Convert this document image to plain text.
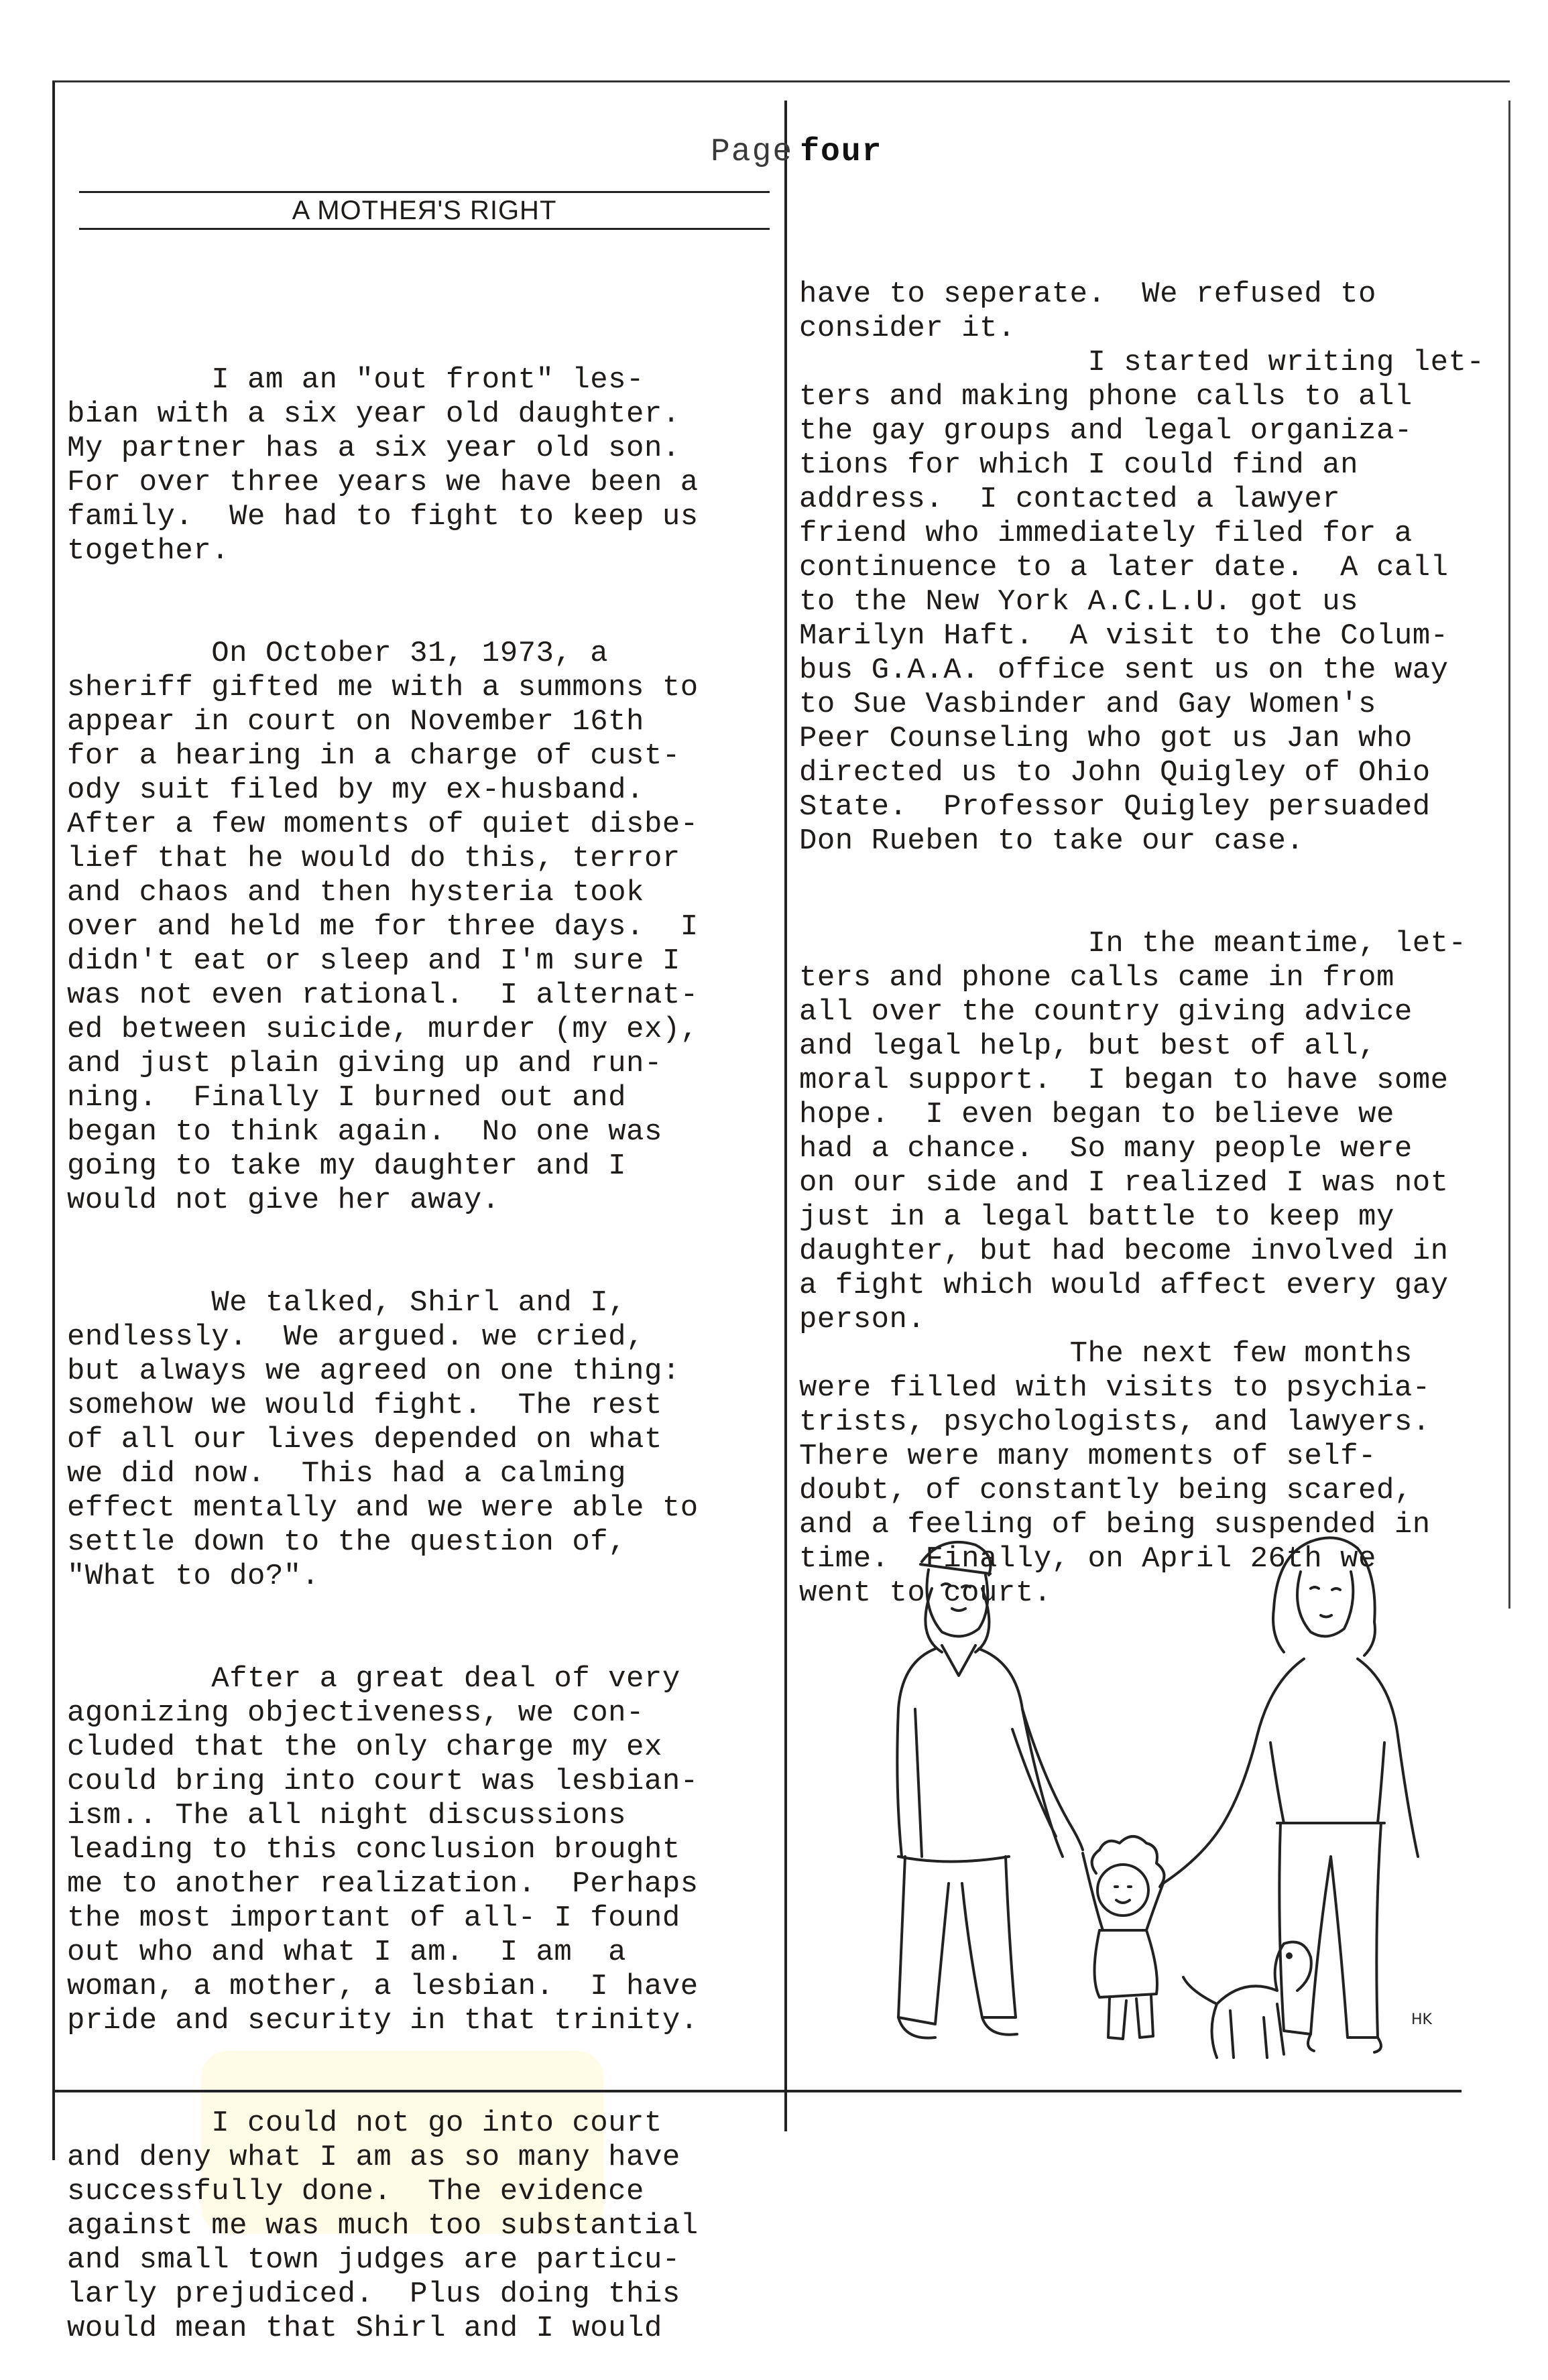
Page four
A MOTHEЯ'S RIGHT

I am an "out front" les-
bian with a six year old daughter.
My partner has a six year old son.
For over three years we have been a
family.  We had to fight to keep us
together.

On October 31, 1973, a
sheriff gifted me with a summons to
appear in court on November 16th
for a hearing in a charge of cust-
ody suit filed by my ex-husband.
After a few moments of quiet disbe-
lief that he would do this, terror
and chaos and then hysteria took
over and held me for three days.  I
didn't eat or sleep and I'm sure I
was not even rational.  I alternat-
ed between suicide, murder (my ex),
and just plain giving up and run-
ning.  Finally I burned out and
began to think again.  No one was
going to take my daughter and I
would not give her away.

We talked, Shirl and I,
endlessly.  We argued. we cried,
but always we agreed on one thing:
somehow we would fight.  The rest
of all our lives depended on what
we did now.  This had a calming
effect mentally and we were able to
settle down to the question of,
"What to do?".

After a great deal of very
agonizing objectiveness, we con-
cluded that the only charge my ex
could bring into court was lesbian-
ism.. The all night discussions
leading to this conclusion brought
me to another realization.  Perhaps
the most important of all- I found
out who and what I am.  I am  a
woman, a mother, a lesbian.  I have
pride and security in that trinity.

I could not go into court
and deny what I am as so many have
successfully done.  The evidence
against me was much too substantial
and small town judges are particu-
larly prejudiced.  Plus doing this
would mean that Shirl and I would

have to seperate.  We refused to
consider it.
I started writing let-
ters and making phone calls to all
the gay groups and legal organiza-
tions for which I could find an
address.  I contacted a lawyer
friend who immediately filed for a
continuence to a later date.  A call
to the New York A.C.L.U. got us
Marilyn Haft.  A visit to the Colum-
bus G.A.A. office sent us on the way
to Sue Vasbinder and Gay Women's
Peer Counseling who got us Jan who
directed us to John Quigley of Ohio
State.  Professor Quigley persuaded
Don Rueben to take our case.

In the meantime, let-
ters and phone calls came in from
all over the country giving advice
and legal help, but best of all,
moral support.  I began to have some
hope.  I even began to believe we
had a chance.  So many people were
on our side and I realized I was not
just in a legal battle to keep my
daughter, but had become involved in
a fight which would affect every gay
person.
The next few months
were filled with visits to psychia-
trists, psychologists, and lawyers.
There were many moments of self-
doubt, of constantly being scared,
and a feeling of being suspended in
time.  Finally, on April 26th we
went to court.

HK
